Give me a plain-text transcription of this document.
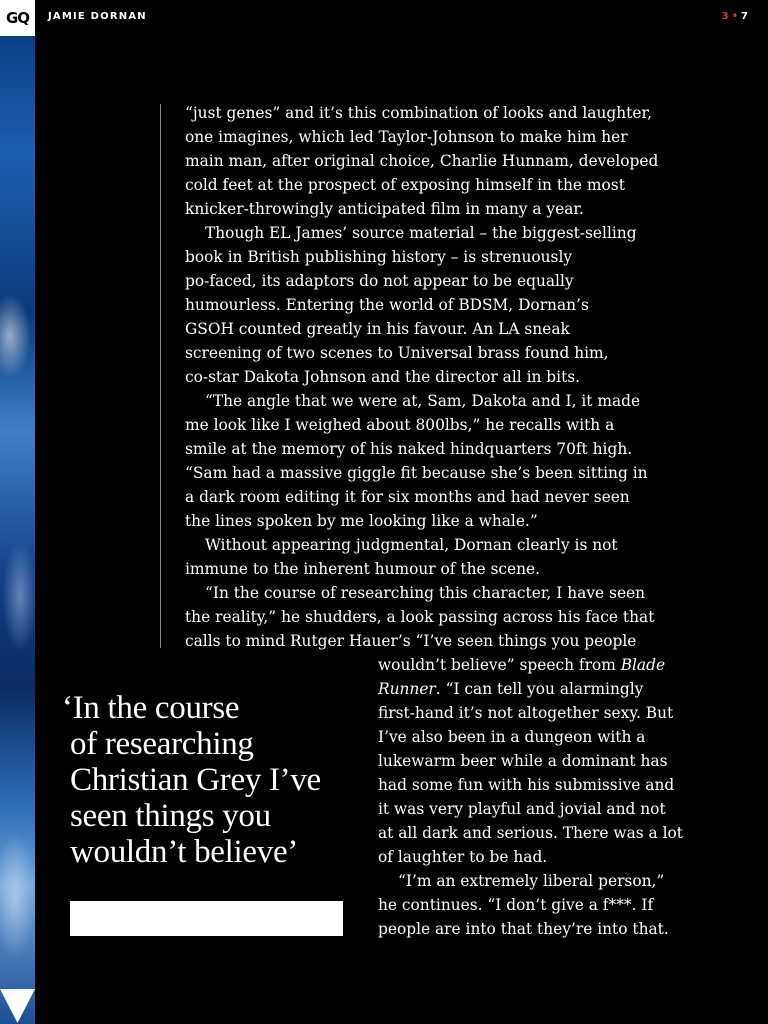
GQ JAMIE DORNAN	3 • 7
“just genes” and it’s this combination of looks and laughter,
one imagines, which led Taylor-Johnson to make him her
main man, after original choice, Charlie Hunnam, developed
cold feet at the prospect of exposing himself in the most
knicker-throwingly anticipated film in many a year.
Though EL James’ source material – the biggest-selling
book in British publishing history – is strenuously
po-faced, its adaptors do not appear to be equally
humourless. Entering the world of BDSM, Dornan’s
GSOH counted greatly in his favour. An LA sneak
screening of two scenes to Universal brass found him,
co-star Dakota Johnson and the director all in bits.
“The angle that we were at, Sam, Dakota and I, it made
me look like I weighed about 800lbs,” he recalls with a
smile at the memory of his naked hindquarters 70ft high.
“Sam had a massive giggle fit because she’s been sitting in
a dark room editing it for six months and had never seen
the lines spoken by me looking like a whale.”
Without appearing judgmental, Dornan clearly is not
immune to the inherent humour of the scene.
“In the course of researching this character, I have seen
the reality,” he shudders, a look passing across his face that
calls to mind Rutger Hauer’s “I’ve seen things you people
wouldn’t believe” speech from Blade
Runner. “I can tell you alarmingly
first-hand it’s not altogether sexy. But
I’ve also been in a dungeon with a
lukewarm beer while a dominant has
had some fun with his submissive and
it was very playful and jovial and not
at all dark and serious. There was a lot
of laughter to be had.
“I’m an extremely liberal person,”
he continues. “I don’t give a f***. If
people are into that they’re into that.
‘In the course
of researching
Christian Grey I’ve
seen things you
wouldn’t believe’
